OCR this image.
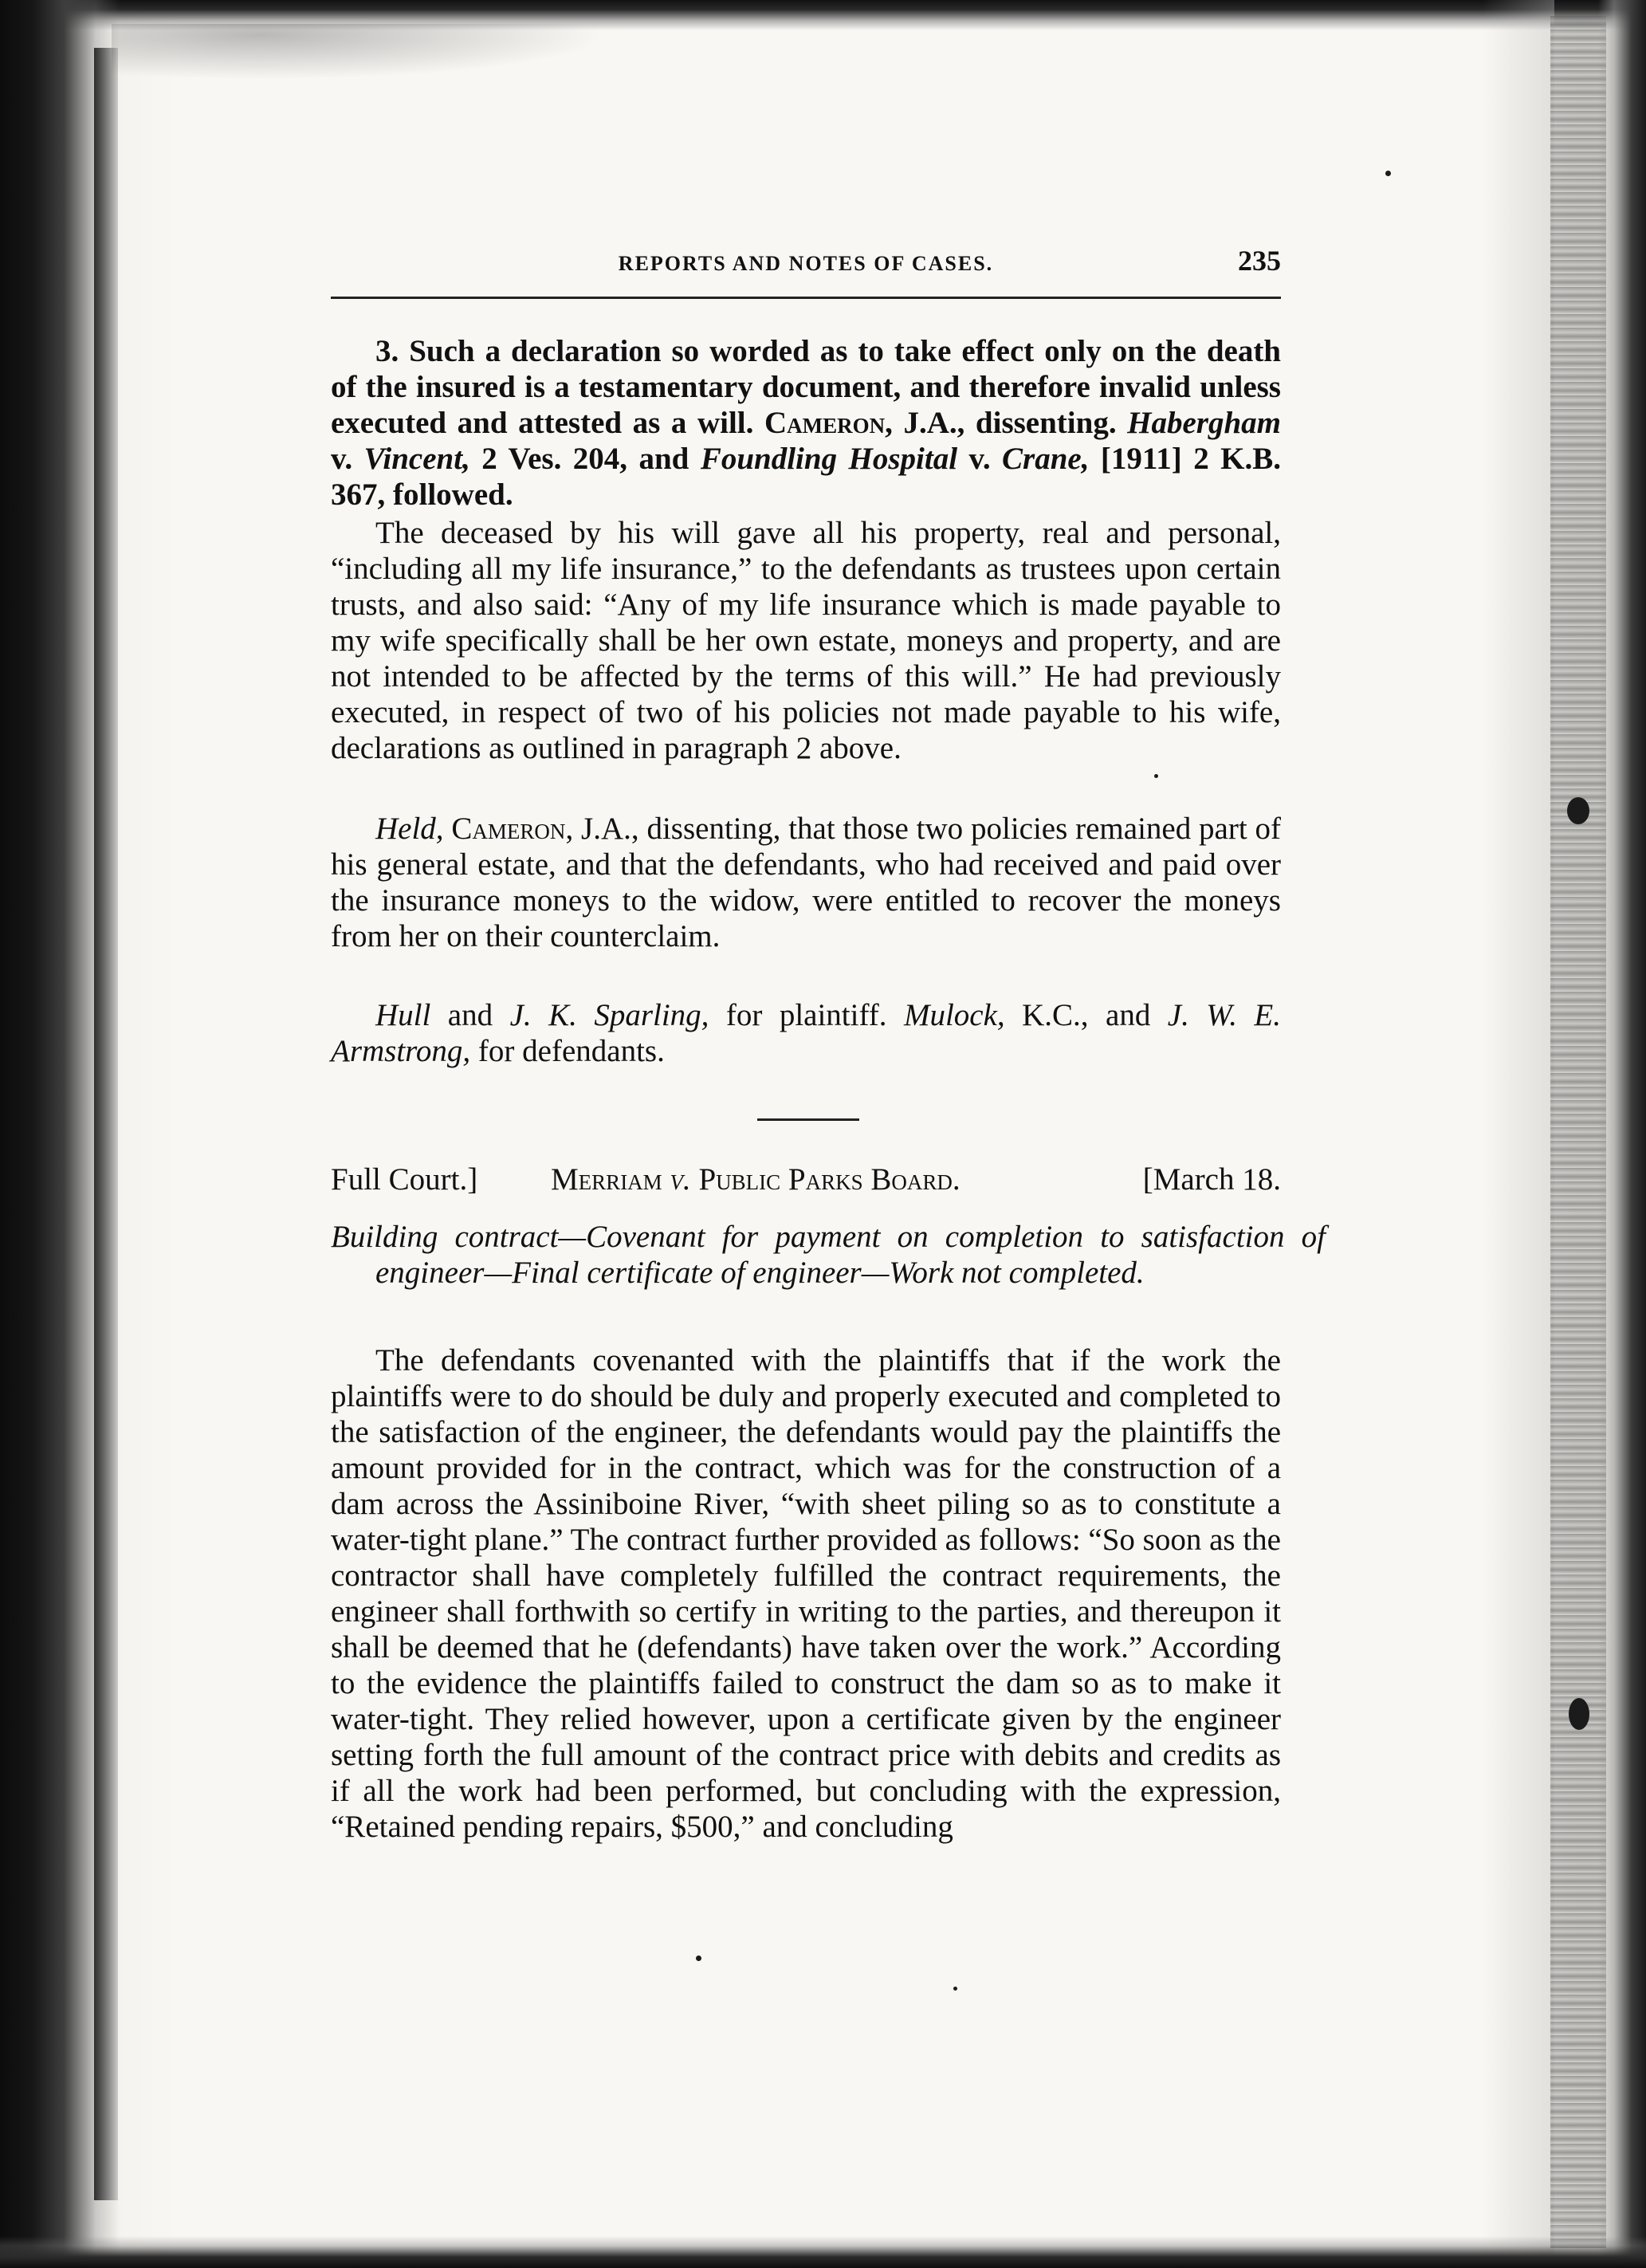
REPORTS AND NOTES OF CASES.	235
3. Such a declaration so worded as to take effect only on the death of the insured is a testamentary document, and therefore invalid unless executed and attested as a will. Cameron, J.A., dissenting. Habergham v. Vincent, 2 Ves. 204, and Foundling Hospital v. Crane, [1911] 2 K.B. 367, followed.
The deceased by his will gave all his property, real and personal, “including all my life insurance,” to the defendants as trustees upon certain trusts, and also said: “Any of my life insurance which is made payable to my wife specifically shall be her own estate, moneys and property, and are not intended to be affected by the terms of this will.” He had previously executed, in respect of two of his policies not made payable to his wife, declarations as outlined in paragraph 2 above.
Held, Cameron, J.A., dissenting, that those two policies remained part of his general estate, and that the defendants, who had received and paid over the insurance moneys to the widow, were entitled to recover the moneys from her on their counterclaim.
Hull and J. K. Sparling, for plaintiff. Mulock, K.C., and J. W. E. Armstrong, for defendants.
Full Court.] Merriam v. Public Parks Board.	[March 18.
Building contract—Covenant for payment on completion to satisfaction of engineer—Final certificate of engineer—Work not completed.
The defendants covenanted with the plaintiffs that if the work the plaintiffs were to do should be duly and properly executed and completed to the satisfaction of the engineer, the defendants would pay the plaintiffs the amount provided for in the contract, which was for the construction of a dam across the Assiniboine River, “with sheet piling so as to constitute a water-tight plane.” The contract further provided as follows: “So soon as the contractor shall have completely fulfilled the contract requirements, the engineer shall forthwith so certify in writing to the parties, and thereupon it shall be deemed that he (defendants) have taken over the work.” According to the evidence the plaintiffs failed to construct the dam so as to make it water-tight. They relied however, upon a certificate given by the engineer setting forth the full amount of the contract price with debits and credits as if all the work had been performed, but concluding with the expression, “Retained pending repairs, $500,” and concluding
